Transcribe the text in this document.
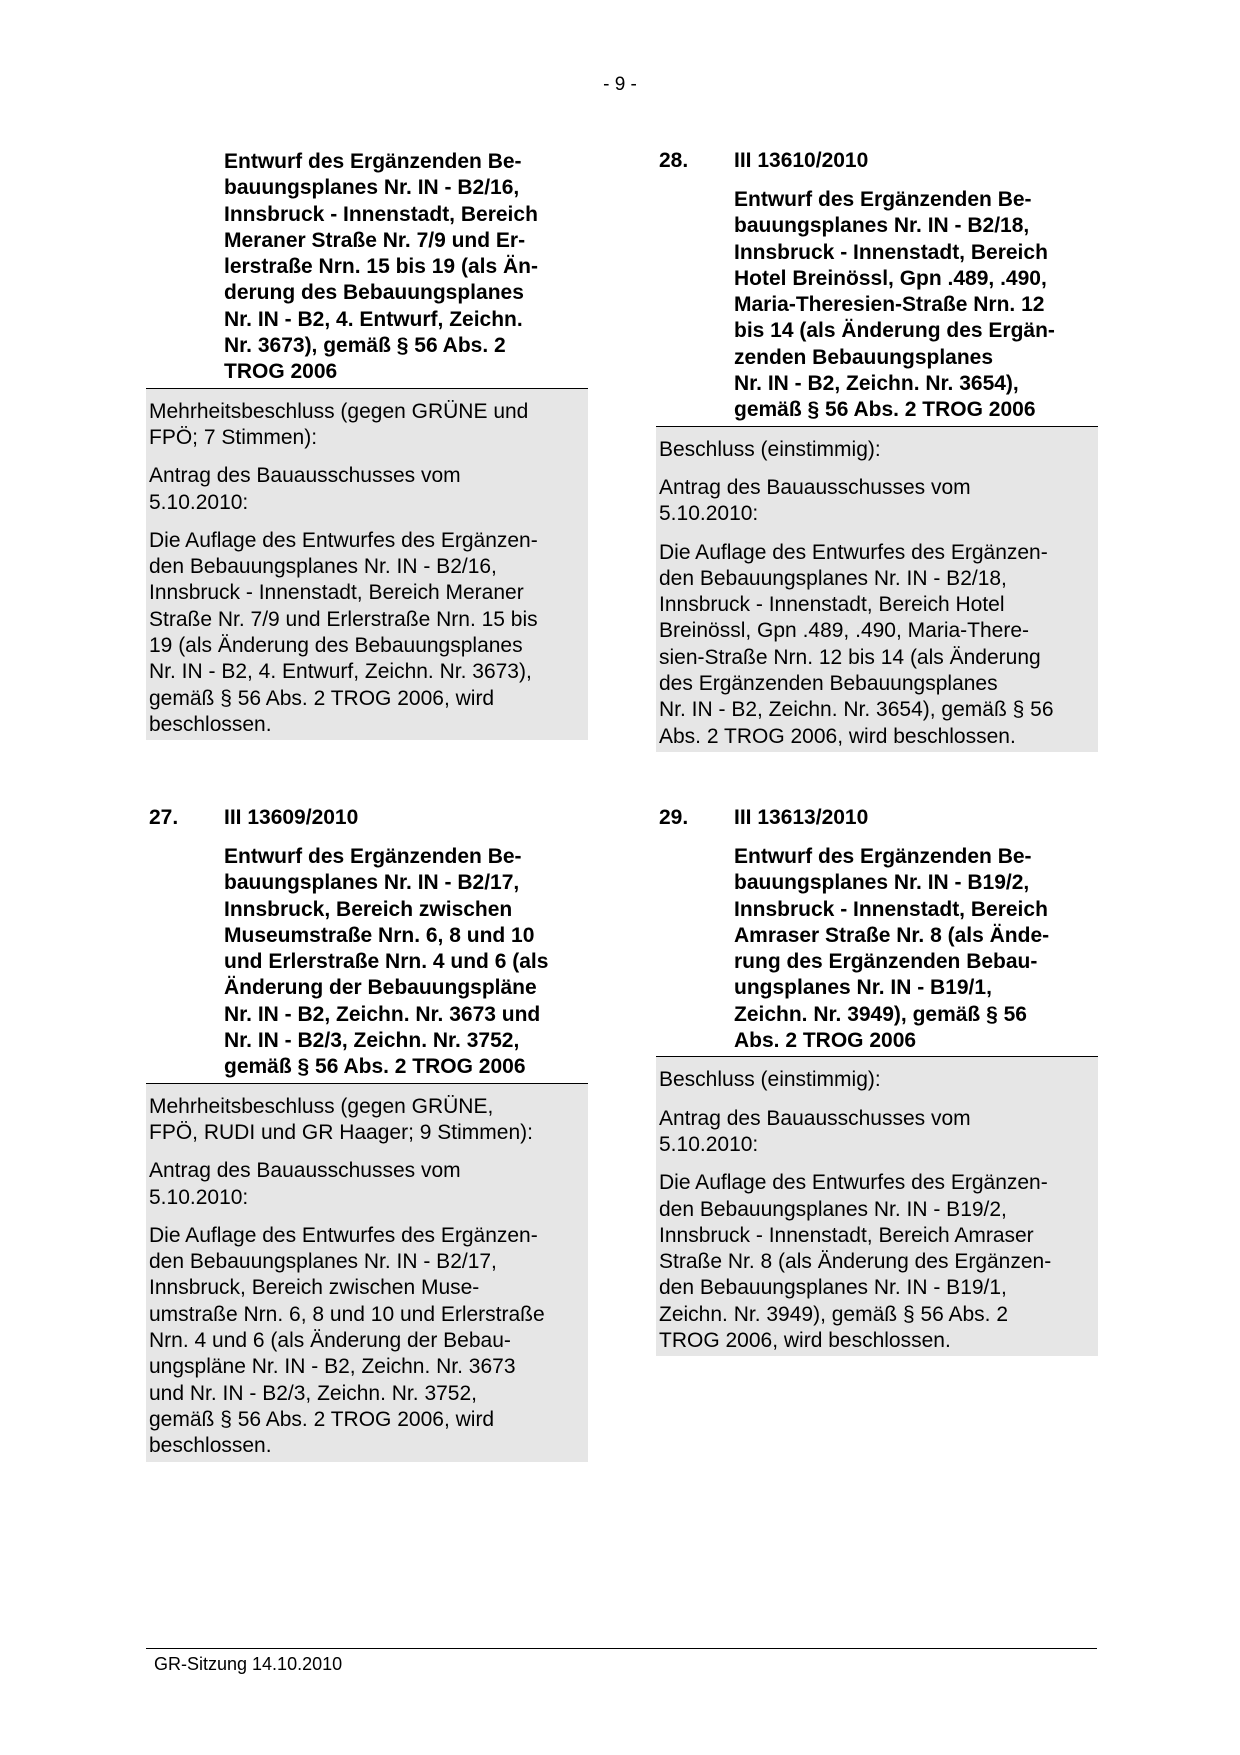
- 9 -
Entwurf des Ergänzenden Be-
bauungsplanes Nr. IN - B2/16,
Innsbruck - Innenstadt, Bereich
Meraner Straße Nr. 7/9 und Er-
lerstraße Nrn. 15 bis 19 (als Än-
derung des Bebauungsplanes
Nr. IN - B2, 4. Entwurf, Zeichn.
Nr. 3673), gemäß § 56 Abs. 2
TROG 2006

Mehrheitsbeschluss (gegen GRÜNE und
FPÖ; 7 Stimmen):

Antrag des Bauausschusses vom
5.10.2010:

Die Auflage des Entwurfes des Ergänzen-
den Bebauungsplanes Nr. IN - B2/16,
Innsbruck - Innenstadt, Bereich Meraner
Straße Nr. 7/9 und Erlerstraße Nrn. 15 bis
19 (als Änderung des Bebauungsplanes
Nr. IN - B2, 4. Entwurf, Zeichn. Nr. 3673),
gemäß § 56 Abs. 2 TROG 2006, wird
beschlossen.

28. III 13610/2010
Entwurf des Ergänzenden Be-
bauungsplanes Nr. IN - B2/18,
Innsbruck - Innenstadt, Bereich
Hotel Breinössl, Gpn .489, .490,
Maria-Theresien-Straße Nrn. 12
bis 14 (als Änderung des Ergän-
zenden Bebauungsplanes
Nr. IN - B2, Zeichn. Nr. 3654),
gemäß § 56 Abs. 2 TROG 2006

Beschluss (einstimmig):

Antrag des Bauausschusses vom
5.10.2010:

Die Auflage des Entwurfes des Ergänzen-
den Bebauungsplanes Nr. IN - B2/18,
Innsbruck - Innenstadt, Bereich Hotel
Breinössl, Gpn .489, .490, Maria-There-
sien-Straße Nrn. 12 bis 14 (als Änderung
des Ergänzenden Bebauungsplanes
Nr. IN - B2, Zeichn. Nr. 3654), gemäß § 56
Abs. 2 TROG 2006, wird beschlossen.

27. III 13609/2010
Entwurf des Ergänzenden Be-
bauungsplanes Nr. IN - B2/17,
Innsbruck, Bereich zwischen
Museumstraße Nrn. 6, 8 und 10
und Erlerstraße Nrn. 4 und 6 (als
Änderung der Bebauungspläne
Nr. IN - B2, Zeichn. Nr. 3673 und
Nr. IN - B2/3, Zeichn. Nr. 3752,
gemäß § 56 Abs. 2 TROG 2006

Mehrheitsbeschluss (gegen GRÜNE,
FPÖ, RUDI und GR Haager; 9 Stimmen):

Antrag des Bauausschusses vom
5.10.2010:

Die Auflage des Entwurfes des Ergänzen-
den Bebauungsplanes Nr. IN - B2/17,
Innsbruck, Bereich zwischen Muse-
umstraße Nrn. 6, 8 und 10 und Erlerstraße
Nrn. 4 und 6 (als Änderung der Bebau-
ungspläne Nr. IN - B2, Zeichn. Nr. 3673
und Nr. IN - B2/3, Zeichn. Nr. 3752,
gemäß § 56 Abs. 2 TROG 2006, wird
beschlossen.

29. III 13613/2010
Entwurf des Ergänzenden Be-
bauungsplanes Nr. IN - B19/2,
Innsbruck - Innenstadt, Bereich
Amraser Straße Nr. 8 (als Ände-
rung des Ergänzenden Bebau-
ungsplanes Nr. IN - B19/1,
Zeichn. Nr. 3949), gemäß § 56
Abs. 2 TROG 2006

Beschluss (einstimmig):

Antrag des Bauausschusses vom
5.10.2010:

Die Auflage des Entwurfes des Ergänzen-
den Bebauungsplanes Nr. IN - B19/2,
Innsbruck - Innenstadt, Bereich Amraser
Straße Nr. 8 (als Änderung des Ergänzen-
den Bebauungsplanes Nr. IN - B19/1,
Zeichn. Nr. 3949), gemäß § 56 Abs. 2
TROG 2006, wird beschlossen.

GR-Sitzung 14.10.2010
